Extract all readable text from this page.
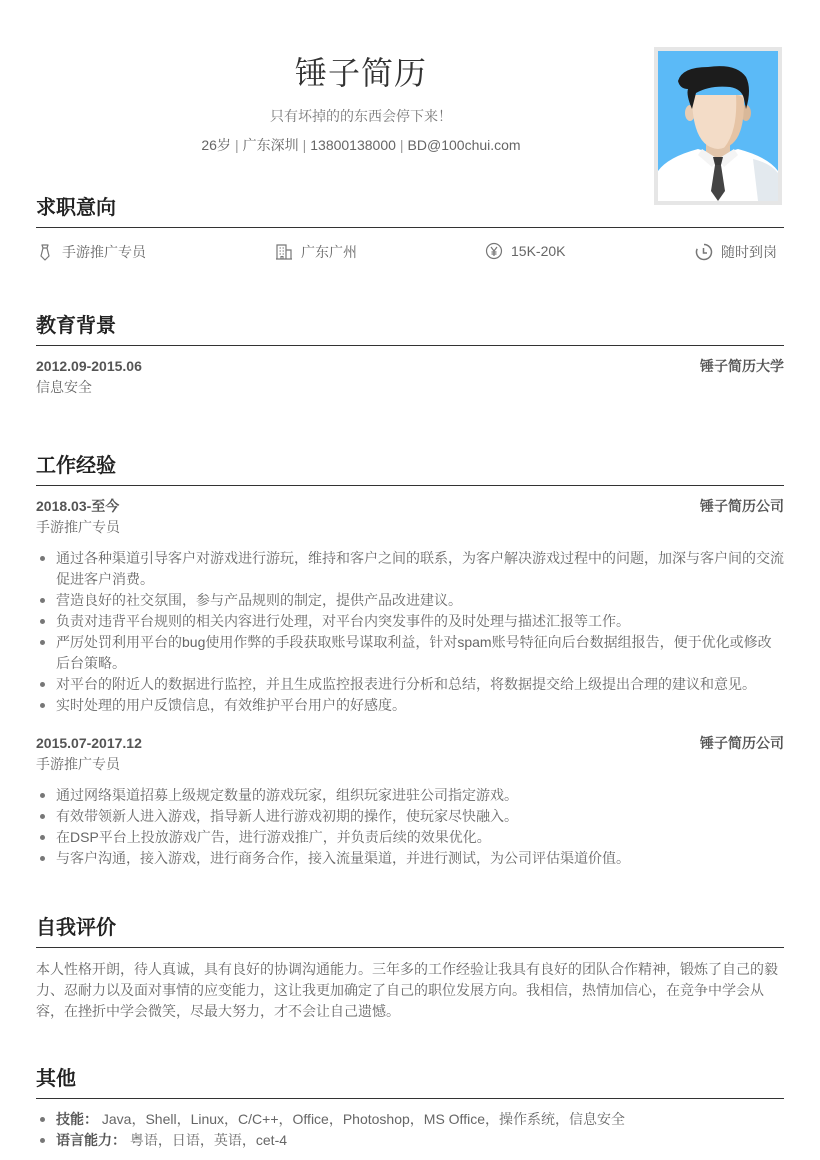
锤子简历
只有坏掉的的东西会停下来！
26岁 | 广东深圳 | 13800138000 | BD@100chui.com
求职意向
手游推广专员	广东广州	15K-20K	随时到岗
教育背景
2012.09-2015.06	锤子简历大学
信息安全
工作经验
2018.03-至今	锤子简历公司
手游推广专员
通过各种渠道引导客户对游戏进行游玩，维持和客户之间的联系，为客户解决游戏过程中的问题，加深与客户间的交流促进客户消费。
营造良好的社交氛围，参与产品规则的制定，提供产品改进建议。
负责对违背平台规则的相关内容进行处理，对平台内突发事件的及时处理与描述汇报等工作。
严厉处罚利用平台的bug使用作弊的手段获取账号谋取利益，针对spam账号特征向后台数据组报告，便于优化或修改后台策略。
对平台的附近人的数据进行监控，并且生成监控报表进行分析和总结，将数据提交给上级提出合理的建议和意见。
实时处理的用户反馈信息，有效维护平台用户的好感度。
2015.07-2017.12	锤子简历公司
手游推广专员
通过网络渠道招募上级规定数量的游戏玩家，组织玩家进驻公司指定游戏。
有效带领新人进入游戏，指导新人进行游戏初期的操作，使玩家尽快融入。
在DSP平台上投放游戏广告，进行游戏推广，并负责后续的效果优化。
与客户沟通，接入游戏，进行商务合作，接入流量渠道，并进行测试，为公司评估渠道价值。
自我评价
本人性格开朗，待人真诚，具有良好的协调沟通能力。三年多的工作经验让我具有良好的团队合作精神，锻炼了自己的毅力、忍耐力以及面对事情的应变能力，这让我更加确定了自己的职位发展方向。我相信，热情加信心，在竞争中学会从容，在挫折中学会微笑，尽最大努力，才不会让自己遗憾。
其他
技能： Java，Shell，Linux，C/C++，Office，Photoshop，MS Office，操作系统，信息安全
语言能力： 粤语，日语，英语，cet-4
